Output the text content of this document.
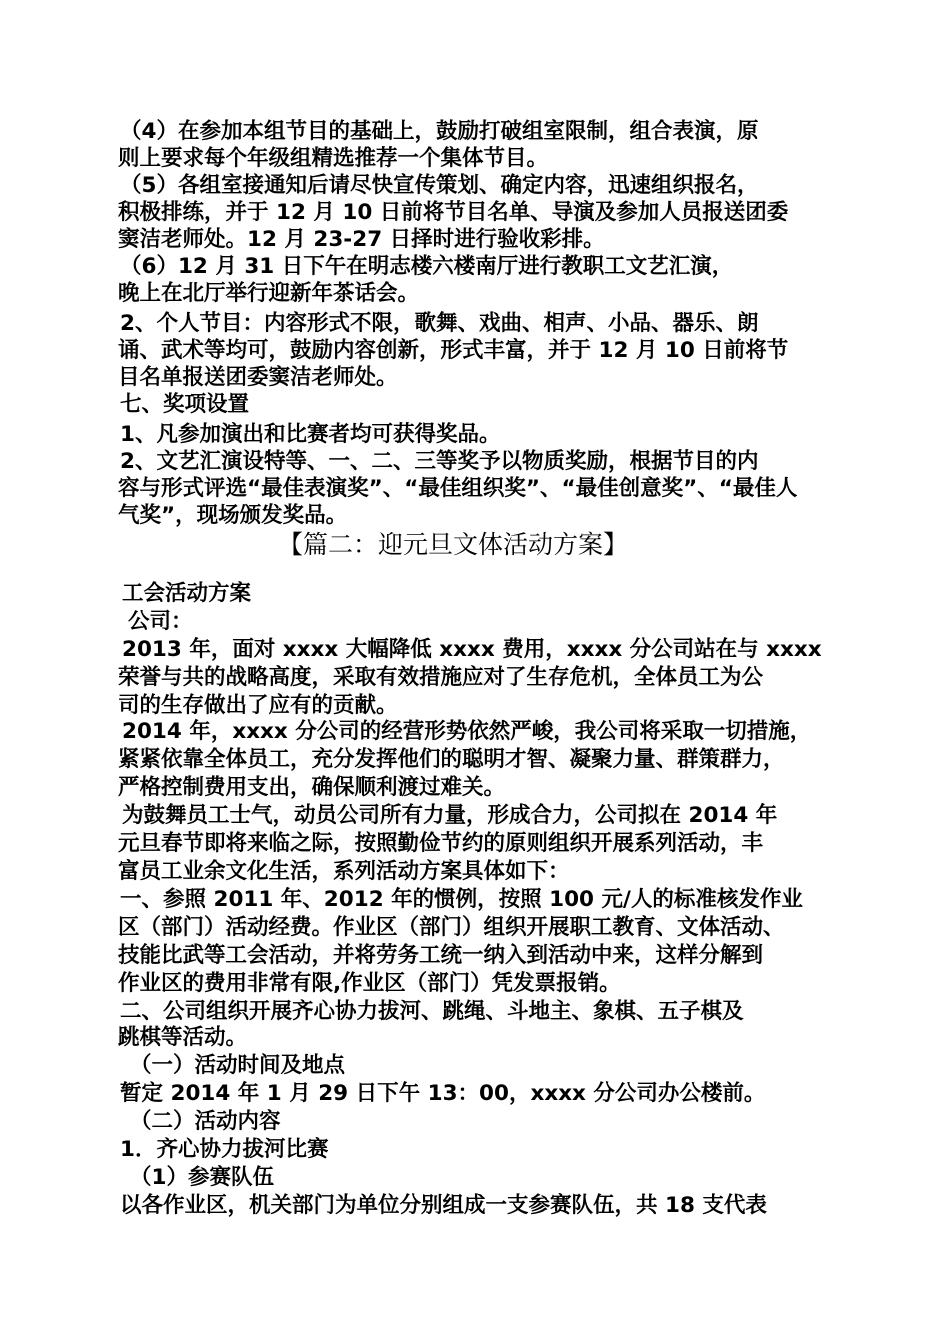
（4）在参加本组节目的基础上，鼓励打破组室限制，组合表演，原
则上要求每个年级组精选推荐一个集体节目。
（5）各组室接通知后请尽快宣传策划、确定内容，迅速组织报名，
积极排练，并于 12 月 10 日前将节目名单、导演及参加人员报送团委
窦洁老师处。12 月 23-27 日择时进行验收彩排。
（6）12 月 31 日下午在明志楼六楼南厅进行教职工文艺汇演，
晚上在北厅举行迎新年茶话会。
2、个人节目：内容形式不限，歌舞、戏曲、相声、小品、器乐、朗
诵、武术等均可，鼓励内容创新，形式丰富，并于 12 月 10 日前将节
目名单报送团委窦洁老师处。
七、奖项设置
1、凡参加演出和比赛者均可获得奖品。
2、文艺汇演设特等、一、二、三等奖予以物质奖励，根据节目的内
容与形式评选“最佳表演奖”、“最佳组织奖”、“最佳创意奖”、“最佳人
气奖”，现场颁发奖品。
【篇二：迎元旦文体活动方案】
工会活动方案
公司：
2013 年，面对 xxxx 大幅降低 xxxx 费用，xxxx 分公司站在与 xxxx
荣誉与共的战略高度，采取有效措施应对了生存危机，全体员工为公
司的生存做出了应有的贡献。
2014 年，xxxx 分公司的经营形势依然严峻，我公司将采取一切措施，
紧紧依靠全体员工，充分发挥他们的聪明才智、凝聚力量、群策群力，
严格控制费用支出，确保顺利渡过难关。
为鼓舞员工士气，动员公司所有力量，形成合力，公司拟在 2014 年
元旦春节即将来临之际，按照勤俭节约的原则组织开展系列活动，丰
富员工业余文化生活，系列活动方案具体如下：
一、参照 2011 年、2012 年的惯例，按照 100 元/人的标准核发作业
区（部门）活动经费。作业区（部门）组织开展职工教育、文体活动、
技能比武等工会活动，并将劳务工统一纳入到活动中来，这样分解到
作业区的费用非常有限,作业区（部门）凭发票报销。
二、公司组织开展齐心协力拔河、跳绳、斗地主、象棋、五子棋及
跳棋等活动。
（一）活动时间及地点
暂定 2014 年 1 月 29 日下午 13：00，xxxx 分公司办公楼前。
（二）活动内容
1．齐心协力拔河比赛
（1）参赛队伍
以各作业区，机关部门为单位分别组成一支参赛队伍，共 18 支代表
